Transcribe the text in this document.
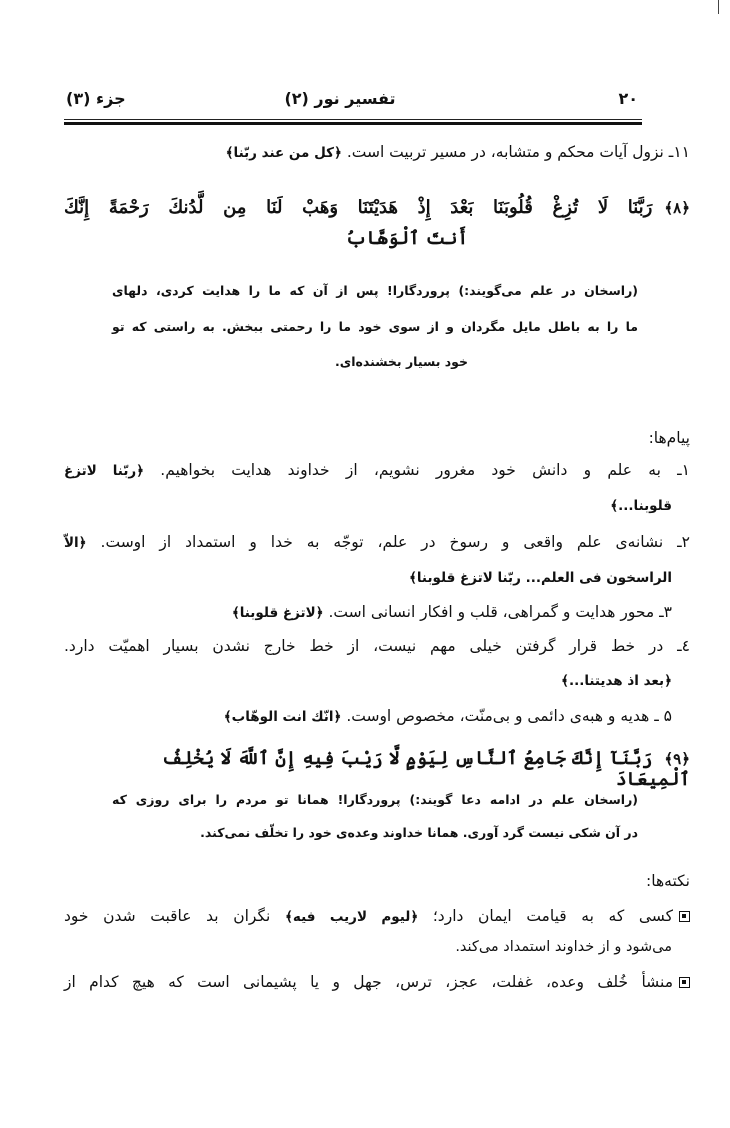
۲۰
تفسیر نور (۲)
جزء (۳)
۱۱ـ نزول آیات محکم و متشابه، در مسیر تربیت است. ﴿کل من عند ربّنا﴾
﴿۸﴾رَبَّنَا لَا تُزِغْ قُلُوبَنَا بَعْدَ إِذْ هَدَيْتَنَا وَهَبْ لَنَا مِن لَّدُنكَ رَحْمَةً إِنَّكَ
أَنتَ ٱلْوَهَّابُ
(راسخان در علم می‌گویند:) پروردگارا! پس از آن که ما را هدایت کردی، دلهای
ما را به باطل مایل مگردان و از سوی خود ما را رحمتی ببخش. به راستی که تو
خود بسیار بخشنده‌ای.
پیام‌ها:
۱ـ به علم و دانش خود مغرور نشویم، از خداوند هدایت بخواهیم. ﴿ربّنا لاتزغ
قلوبنا...﴾
۲ـ نشانه‌ی علم واقعی و رسوخ در علم، توجّه به خدا و استمداد از اوست. ﴿الاّ
الراسخون فی العلم... ربّنا لاتزغ قلوبنا﴾
۳ـ محور هدایت و گمراهی، قلب و افکار انسانی است. ﴿لاتزغ قلوبنا﴾
٤ـ در خط قرار گرفتن خیلی مهم نیست، از خط خارج نشدن بسیار اهمیّت دارد.
﴿بعد اذ هدیتنا...﴾
۵ ـ هدیه و هبه‌ی دائمی و بی‌منّت، مخصوص اوست. ﴿انّك انت الوهّاب﴾
﴿۹﴾رَبَّنَآ إِنَّكَ جَامِعُ ٱلنَّاسِ لِيَوْمٍ لَّا رَيْبَ فِيهِ إِنَّ ٱللَّهَ لَا يُخْلِفُ ٱلْمِيعَادَ
(راسخان علم در ادامه دعا گویند:) پروردگارا! همانا تو مردم را برای روزی که
در آن شکی نیست گرد آوری. همانا خداوند وعده‌ی خود را تخلّف نمی‌کند.
نکته‌ها:
کسی که به قیامت ایمان دارد؛ ﴿لیوم لاریب فیه﴾ نگران بد عاقبت شدن خود
می‌شود و از خداوند استمداد می‌کند.
منشأ خُلف وعده، غفلت، عجز، ترس، جهل و یا پشیمانی است که هیچ کدام از
